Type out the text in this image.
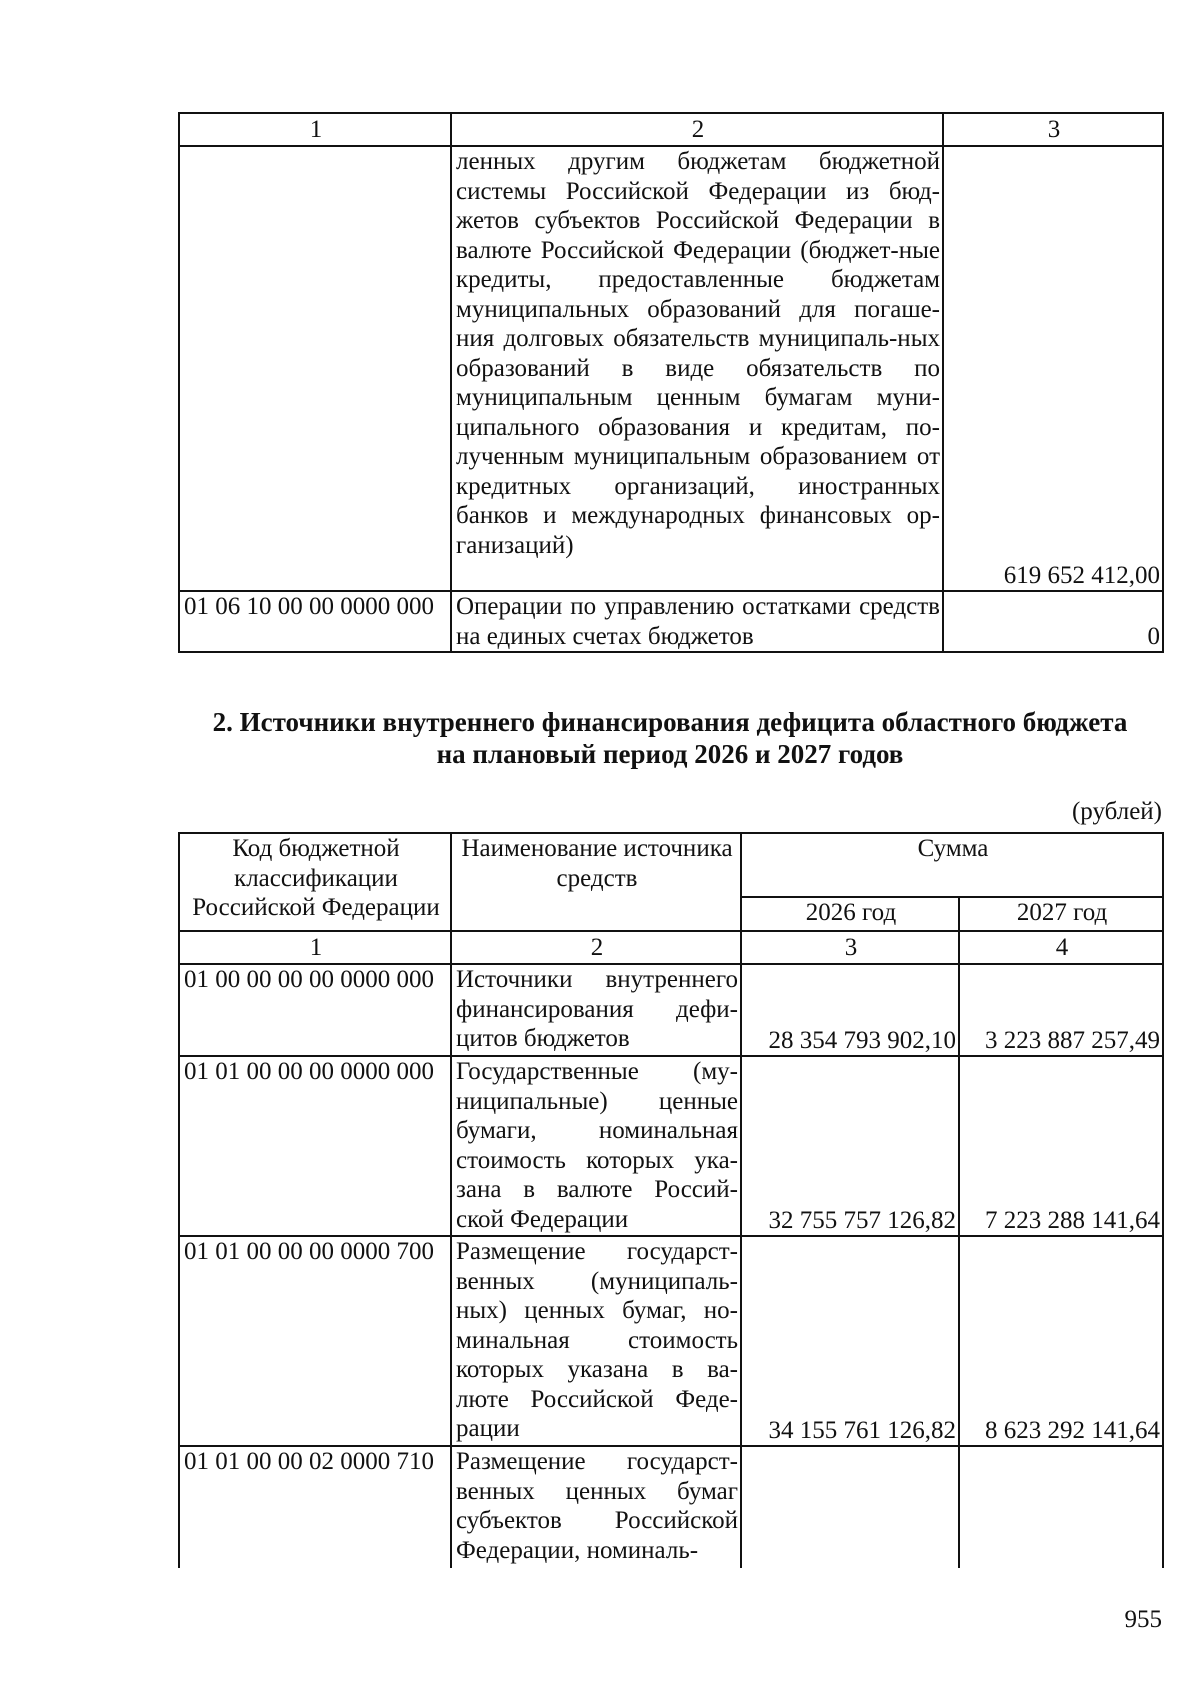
1	2	3
	ленных другим бюджетам бюджетной системы Российской Федерации из бюд-жетов субъектов Российской Федерации в валюте Российской Федерации (бюджет-ные кредиты, предоставленные бюджетам муниципальных образований для погаше-ния долговых обязательств муниципаль-ных образований в виде обязательств по муниципальным ценным бумагам муни-ципального образования и кредитам, по-лученным муниципальным образованием от кредитных организаций, иностранных банков и международных финансовых ор-ганизаций)	619 652 412,00
01 06 10 00 00 0000 000	Операции по управлению остатками средств на единых счетах бюджетов	0
2. Источники внутреннего финансирования дефицита областного бюджета
на плановый период 2026 и 2027 годов
(рублей)
Код бюджетной классификации Российской Федерации	Наименование источника средств	Сумма	
		2026 год	2027 год
1	2	3	4
01 00 00 00 00 0000 000	Источники внутреннего финансирования дефи-цитов бюджетов	28 354 793 902,10	3 223 887 257,49
01 01 00 00 00 0000 000	Государственные (му-ниципальные) ценные бумаги, номинальная стоимость которых ука-зана в валюте Россий-ской Федерации	32 755 757 126,82	7 223 288 141,64
01 01 00 00 00 0000 700	Размещение государст-венных (муниципаль-ных) ценных бумаг, но-минальная стоимость которых указана в ва-люте Российской Феде-рации	34 155 761 126,82	8 623 292 141,64
01 01 00 00 02 0000 710	Размещение государст-венных ценных бумаг субъектов Российской Федерации, номиналь-		
955
